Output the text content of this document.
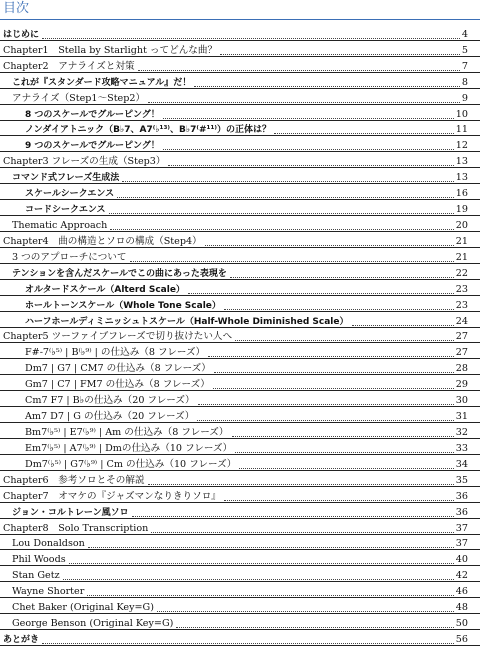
目次
はじめに	4
Chapter1　Stella by Starlight ってどんな曲？	5
Chapter2　アナライズと対策	7
これが『スタンダード攻略マニュアル』だ！	8
アナライズ（Step1〜Step2）	9
8 つのスケールでグルーピング！	10
ノンダイアトニック（B♭7、A7⁽♭¹³⁾、B♭7⁽#¹¹⁾）の正体は？	11
9 つのスケールでグルーピング！	12
Chapter3 フレーズの生成（Step3）	13
コマンド式フレーズ生成法	13
スケールシークエンス	16
コードシークエンス	19
Thematic Approach	20
Chapter4　曲の構造とソロの構成（Step4）	21
3 つのアプローチについて	21
テンションを含んだスケールでこの曲にあった表現を	22
オルタードスケール（Alterd Scale）	23
ホールトーンスケール（Whole Tone Scale）	23
ハーフホールディミニッシュトスケール（Half-Whole Diminished Scale）	24
Chapter5 ツーファイブフレーズで切り抜けたい人へ	27
F#-7⁽♭⁵⁾ | B⁽♭⁹⁾ | の仕込み（8 フレーズ）	27
Dm7 | G7 | CM7 の仕込み（8 フレーズ）	28
Gm7 | C7 | FM7 の仕込み（8 フレーズ）	29
Cm7 F7 | B♭の仕込み（20 フレーズ）	30
Am7 D7 | G の仕込み（20 フレーズ）	31
Bm7⁽♭⁵⁾ | E7⁽♭⁹⁾ | Am の仕込み（8 フレーズ）	32
Em7⁽♭⁵⁾ | A7⁽♭⁹⁾ | Dmの仕込み（10 フレーズ）	33
Dm7⁽♭⁵⁾ | G7⁽♭⁹⁾ | Cm の仕込み（10 フレーズ）	34
Chapter6　参考ソロとその解説	35
Chapter7　オマケの『ジャズマンなりきりソロ』	36
ジョン・コルトレーン風ソロ	36
Chapter8　Solo Transcription	37
Lou Donaldson	37
Phil Woods	40
Stan Getz	42
Wayne Shorter	46
Chet Baker (Original Key=G)	48
George Benson (Original Key=G)	50
あとがき	56
